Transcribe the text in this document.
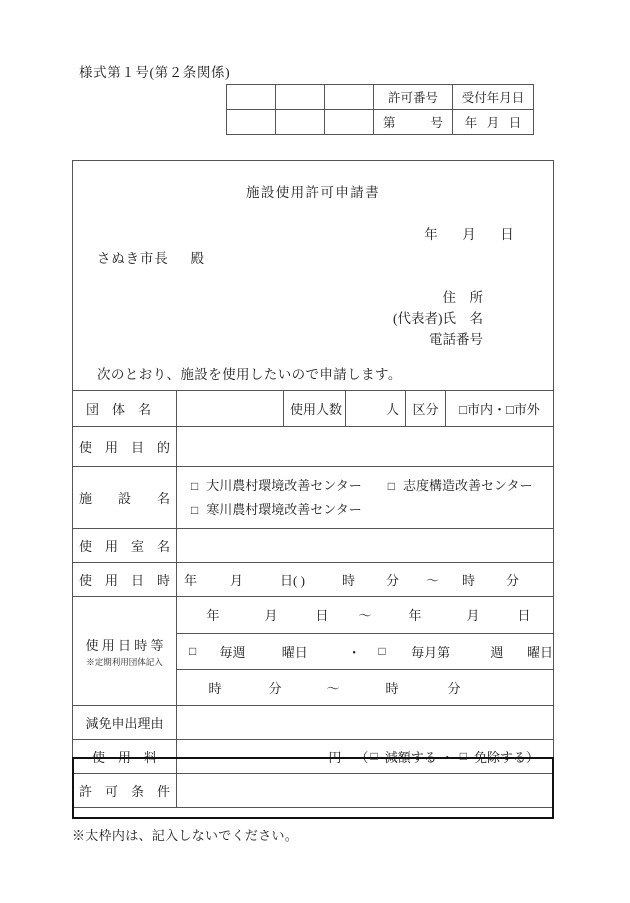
様式第１号(第２条関係)
			許可番号	受付年月日

			第 号	年 月 日
施設使用許可申請書
年 月 日
さぬき市長 殿
住　所
(代表者)氏　名
電話番号
次のとおり、施設を使用したいので申請します。
団　体　名		使用人数	人	区分	□市内・□市外
使　用　目　的	
施　　設　　名	
□ 大川農村環境改善センター □ 志度構造改善センター
□ 寒川農村環境改善センター

使　用　室　名	
使　用　日　時	年	月	日( )	時	分	～	時	分

使 用 日 時 等
※定期利用団体記入

年	月	日	～	年	月	日

□	毎週	曜日	・	□	毎月第	週	曜日

時	分	～	時	分

減免申出理由	
使　用　料	円 （ □ 減額する ・ □ 免除する ）

許　可　条　件	
※太枠内は、記入しないでください。
